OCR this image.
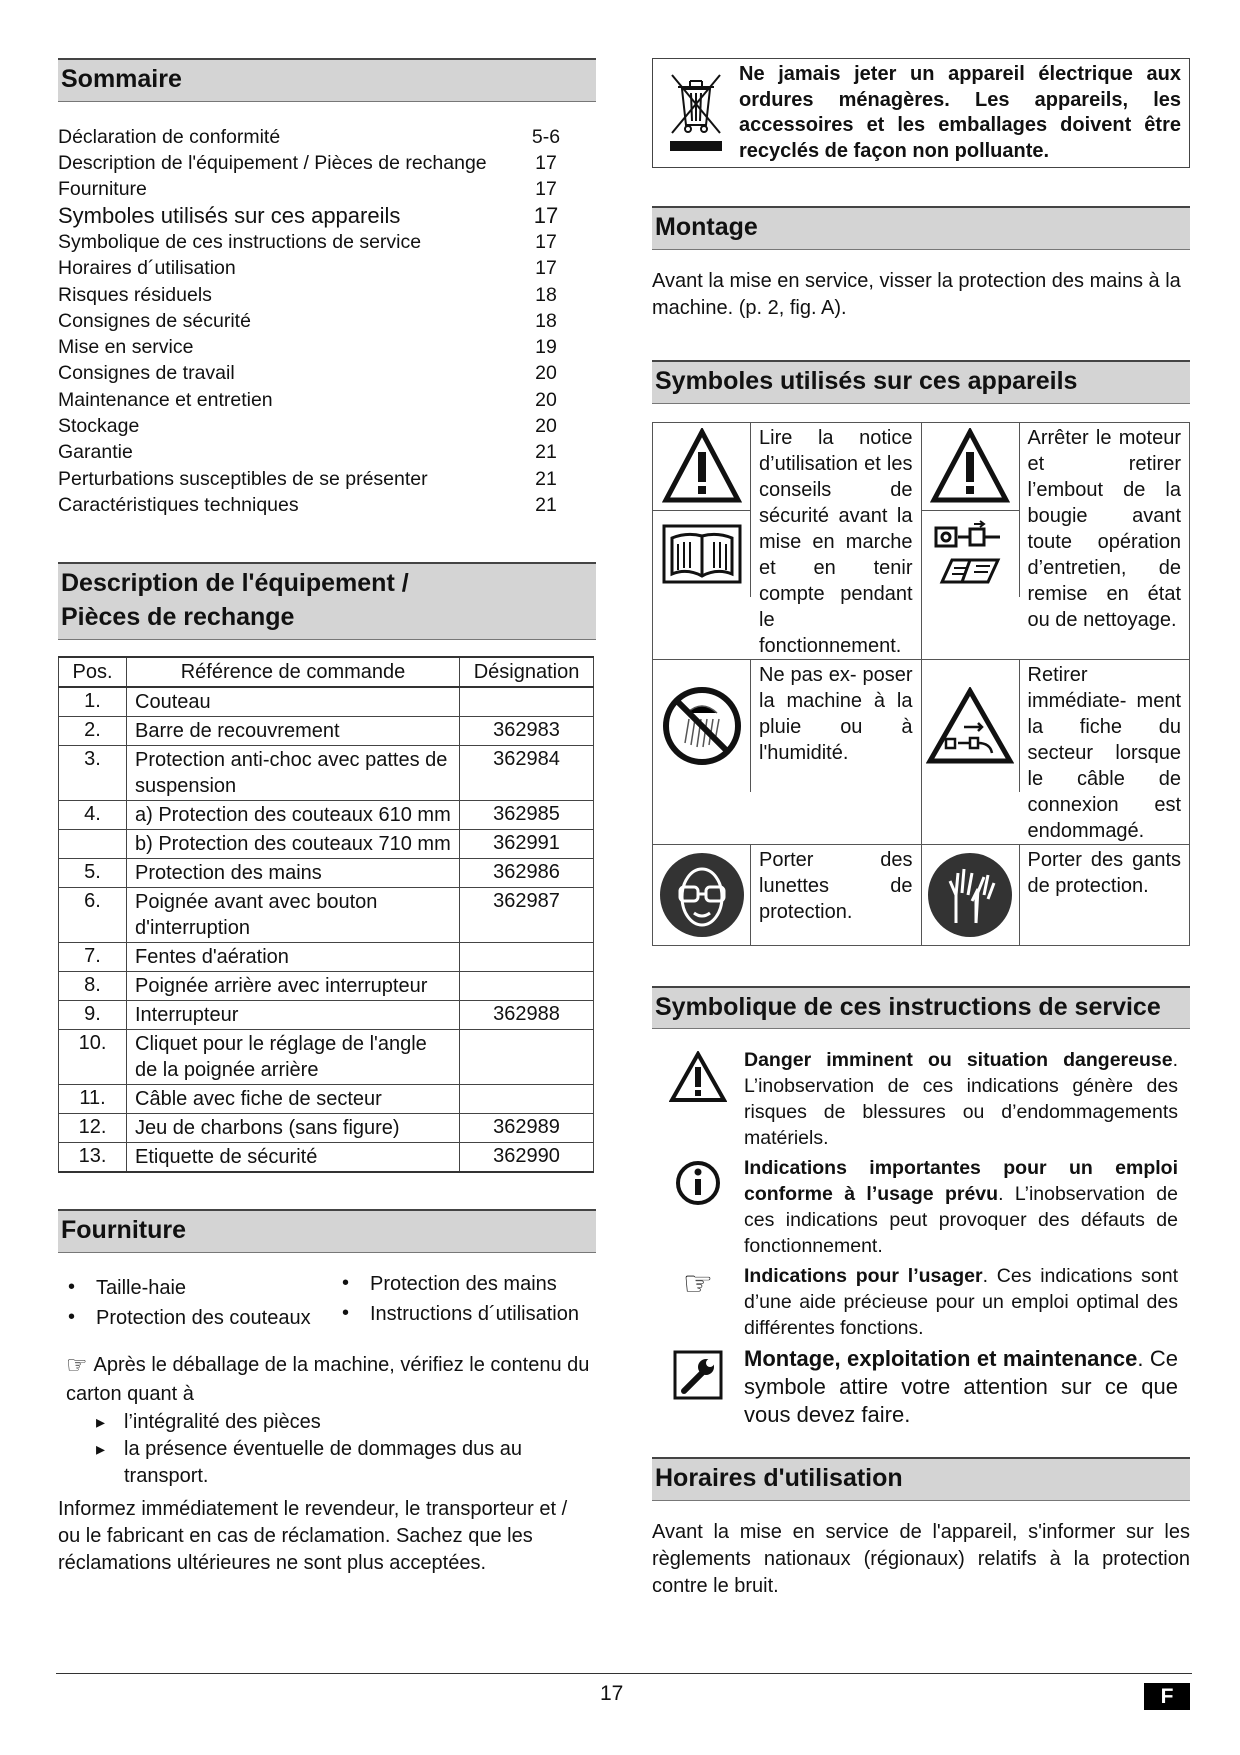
Sommaire
Déclaration de conformité	5-6
Description de l'équipement / Pièces de rechange	17
Fourniture	17
Symboles utilisés sur ces appareils	17
Symbolique de ces instructions de service	17
Horaires d´utilisation	17
Risques résiduels	18
Consignes de sécurité	18
Mise en service	19
Consignes de travail	20
Maintenance et entretien	20
Stockage	20
Garantie	21
Perturbations susceptibles de se présenter	21
Caractéristiques techniques	21
Description de l'équipement /
Pièces de rechange
Pos.	Référence de commande	Désignation
1.	Couteau	
2.	Barre de recouvrement	362983
3.	Protection anti-choc avec pattes de suspension	362984
4.	a) Protection des couteaux 610 mm	362985
	b) Protection des couteaux 710 mm	362991
5.	Protection des mains	362986
6.	Poignée avant avec bouton d'interruption	362987
7.	Fentes d'aération	
8.	Poignée arrière avec interrupteur	
9.	Interrupteur	362988
10.	Cliquet pour le réglage de l'angle de la poignée arrière	
11.	Câble avec fiche de secteur	
12.	Jeu de charbons (sans figure)	362989
13.	Etiquette de sécurité	362990
Fourniture
• Taille-haie
• Protection des couteaux
• Protection des mains
• Instructions d´utilisation
☞ Après le déballage de la machine, vérifiez le contenu du carton quant à
▸ l’intégralité des pièces
▸ la présence éventuelle de dommages dus au transport.
Informez immédiatement le revendeur, le transporteur et / ou le fabricant en cas de réclamation. Sachez que les réclamations ultérieures ne sont plus acceptées.
Ne jamais jeter un appareil électrique aux ordures ménagères. Les appareils, les accessoires et les emballages doivent être recyclés de façon non polluante.
Montage
Avant la mise en service, visser la protection des mains à la machine. (p. 2, fig. A).
Symboles utilisés sur ces appareils
Lire la notice d’utilisation et les conseils de sécurité avant la mise en marche et en tenir compte pendant le fonctionnement.	Arrêter le moteur et retirer l’embout de la bougie avant toute opération d’entretien, de remise en état ou de nettoyage.

Ne pas ex- poser la machine à la pluie ou à l'humidité.	Retirer immédiate- ment la fiche du secteur lorsque le câble de connexion est endommagé.

Porter des lunettes de protection.	Porter des gants de protection.
Symbolique de ces instructions de service
Danger imminent ou situation dangereuse. L’inobservation de ces indications génère des risques de blessures ou d’endommagements matériels.
Indications importantes pour un emploi conforme à l’usage prévu. L’inobservation de ces indications peut provoquer des défauts de fonctionnement.
☞	Indications pour l’usager. Ces indications sont d’une aide précieuse pour un emploi optimal des différentes fonctions.
Montage, exploitation et maintenance. Ce symbole attire votre attention sur ce que vous devez faire.
Horaires d'utilisation
Avant la mise en service de l'appareil, s'informer sur les règlements nationaux (régionaux) relatifs à la protection contre le bruit.
17	F
